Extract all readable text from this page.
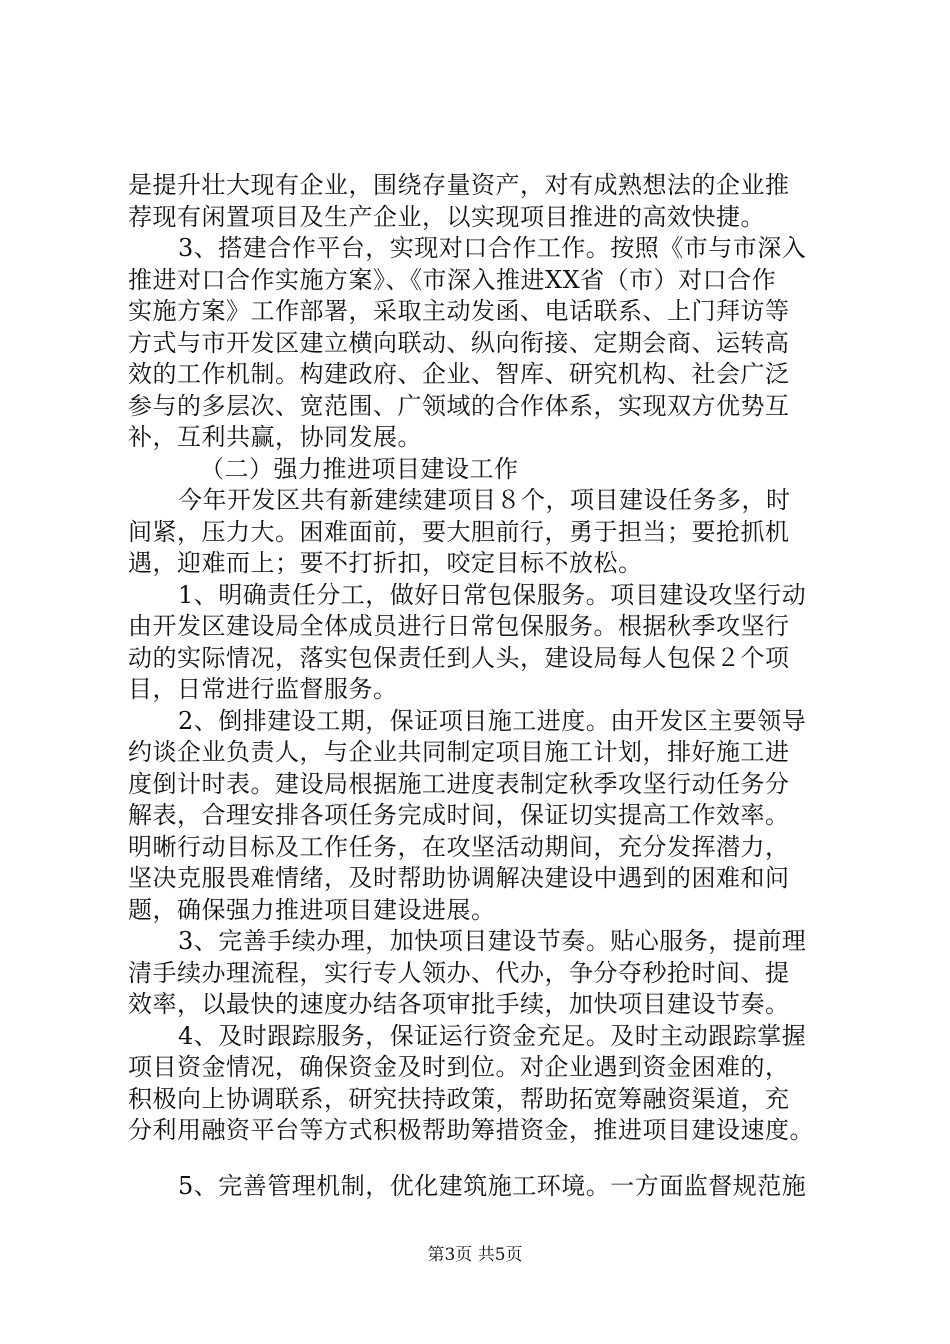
是提升壮大现有企业，围绕存量资产，对有成熟想法的企业推
荐现有闲置项目及生产企业，以实现项目推进的高效快捷。
3、搭建合作平台，实现对口合作工作。按照《市与市深入
推进对口合作实施方案》、《市深入推进XX省（市）对口合作
实施方案》工作部署，采取主动发函、电话联系、上门拜访等
方式与市开发区建立横向联动、纵向衔接、定期会商、运转高
效的工作机制。构建政府、企业、智库、研究机构、社会广泛
参与的多层次、宽范围、广领域的合作体系，实现双方优势互
补，互利共赢，协同发展。
（二）强力推进项目建设工作
今年开发区共有新建续建项目８个，项目建设任务多，时
间紧，压力大。困难面前，要大胆前行，勇于担当；要抢抓机
遇，迎难而上；要不打折扣，咬定目标不放松。
1、明确责任分工，做好日常包保服务。项目建设攻坚行动
由开发区建设局全体成员进行日常包保服务。根据秋季攻坚行
动的实际情况，落实包保责任到人头，建设局每人包保２个项
目，日常进行监督服务。
2、倒排建设工期，保证项目施工进度。由开发区主要领导
约谈企业负责人，与企业共同制定项目施工计划，排好施工进
度倒计时表。建设局根据施工进度表制定秋季攻坚行动任务分
解表，合理安排各项任务完成时间，保证切实提高工作效率。
明晰行动目标及工作任务，在攻坚活动期间，充分发挥潜力，
坚决克服畏难情绪，及时帮助协调解决建设中遇到的困难和问
题，确保强力推进项目建设进展。
3、完善手续办理，加快项目建设节奏。贴心服务，提前理
清手续办理流程，实行专人领办、代办，争分夺秒抢时间、提
效率，以最快的速度办结各项审批手续，加快项目建设节奏。
4、及时跟踪服务，保证运行资金充足。及时主动跟踪掌握
项目资金情况，确保资金及时到位。对企业遇到资金困难的，
积极向上协调联系，研究扶持政策，帮助拓宽筹融资渠道，充
分利用融资平台等方式积极帮助筹措资金，推进项目建设速度。
5、完善管理机制，优化建筑施工环境。一方面监督规范施
第3页 共5页
